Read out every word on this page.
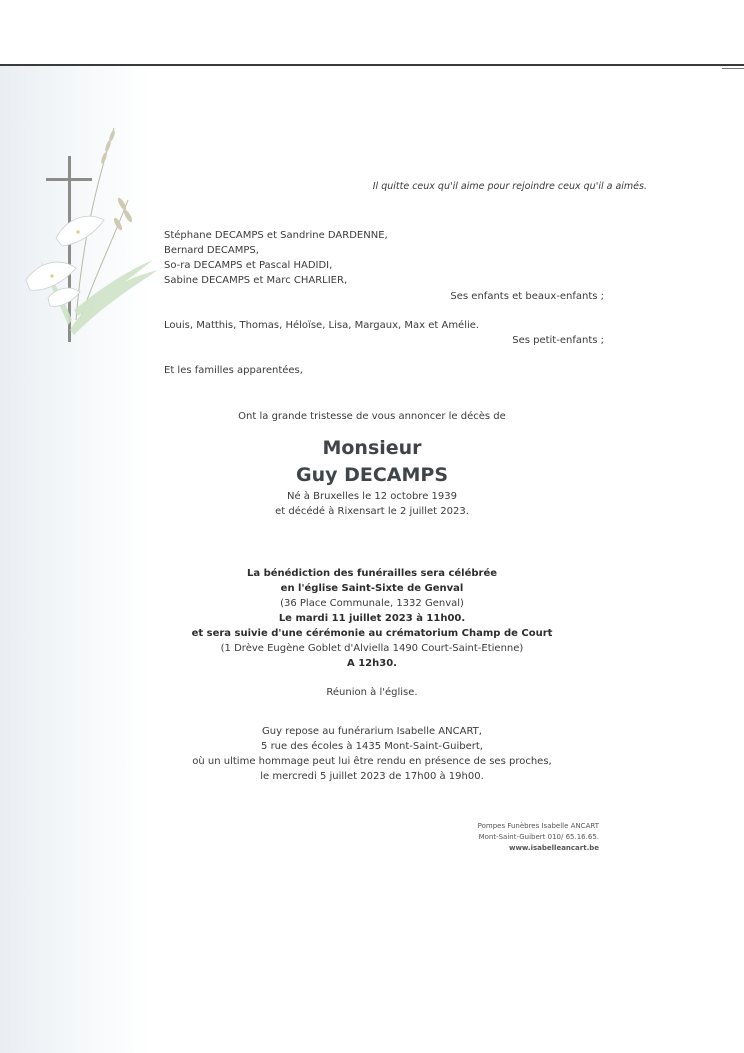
Il quitte ceux qu'il aime pour rejoindre ceux qu'il a aimés.
Stéphane DECAMPS et Sandrine DARDENNE,
Bernard DECAMPS,
So-ra DECAMPS et Pascal HADIDI,
Sabine DECAMPS et Marc CHARLIER,
Ses enfants et beaux-enfants ;
Louis, Matthis, Thomas, Héloïse, Lisa, Margaux, Max et Amélie.
Ses petit-enfants ;
Et les familles apparentées,
Ont la grande tristesse de vous annoncer le décès de
Monsieur
Guy DECAMPS
Né à Bruxelles le 12 octobre 1939
et décédé à Rixensart le 2 juillet 2023.
La bénédiction des funérailles sera célébrée
en l'église Saint-Sixte de Genval
(36 Place Communale, 1332 Genval)
Le mardi 11 juillet 2023 à 11h00.
et sera suivie d'une cérémonie au crématorium Champ de Court
(1 Drève Eugène Goblet d'Alviella 1490 Court-Saint-Etienne)
A 12h30.
Réunion à l'église.
Guy repose au funérarium Isabelle ANCART,
5 rue des écoles à 1435 Mont-Saint-Guibert,
où un ultime hommage peut lui être rendu en présence de ses proches,
le mercredi 5 juillet 2023 de 17h00 à 19h00.
Pompes Funèbres Isabelle ANCART
Mont-Saint-Guibert 010/ 65.16.65.
www.isabelleancart.be
